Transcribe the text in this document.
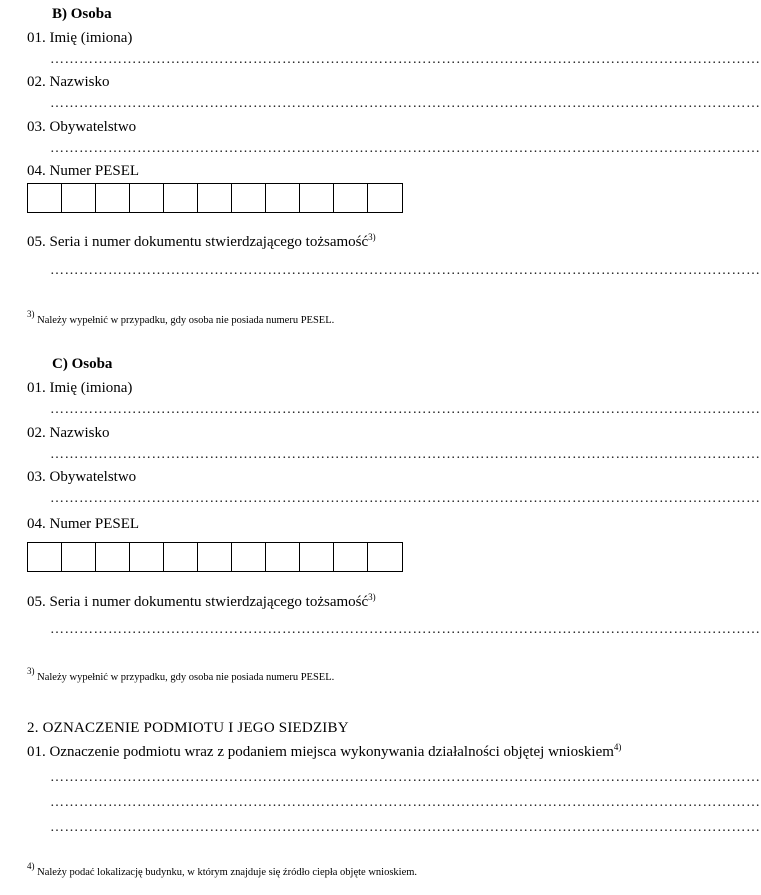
B) Osoba
01. Imię (imiona)
…………………………………………………………………………………………………………………………………
02. Nazwisko
…………………………………………………………………………………………………………………………………
03. Obywatelstwo
…………………………………………………………………………………………………………………………………
04. Numer PESEL
05. Seria i numer dokumentu stwierdzającego tożsamość$^{3)}$
…………………………………………………………………………………………………………………………………
$^{3)}$ Należy wypełnić w przypadku, gdy osoba nie posiada numeru PESEL.
C) Osoba
01. Imię (imiona)
…………………………………………………………………………………………………………………………………
02. Nazwisko
…………………………………………………………………………………………………………………………………
03. Obywatelstwo
…………………………………………………………………………………………………………………………………
04. Numer PESEL
05. Seria i numer dokumentu stwierdzającego tożsamość$^{3)}$
…………………………………………………………………………………………………………………………………
$^{3)}$ Należy wypełnić w przypadku, gdy osoba nie posiada numeru PESEL.
2. OZNACZENIE PODMIOTU I JEGO SIEDZIBY
01. Oznaczenie podmiotu wraz z podaniem miejsca wykonywania działalności objętej wnioskiem$^{4)}$
…………………………………………………………………………………………………………………………………
…………………………………………………………………………………………………………………………………
…………………………………………………………………………………………………………………………………
$^{4)}$ Należy podać lokalizację budynku, w którym znajduje się źródło ciepła objęte wnioskiem.
